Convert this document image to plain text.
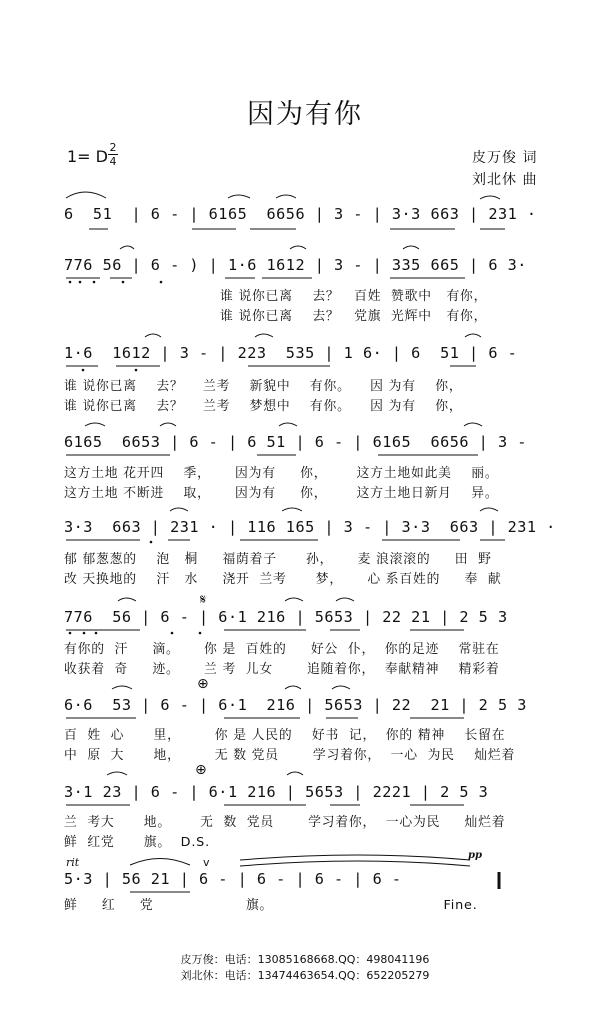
因为有你
1= D 2
4	皮万俊 词
刘北休 曲
6  51  | 6 - | 6165  6656 | 3 - | 3·3 663 | 231 ·
776 56 | 6 - ) | 1·6 1612 | 3 - | 335 665 | 6 3·
谁 说你已离    去？   百姓  赞歌中   有你，
谁 说你已离    去？   党旗  光辉中   有你，
1·6  1612 | 3 - | 223  535 | 1 6· | 6  51 | 6 -
谁 说你已离    去？    兰考    新貌中    有你。    因 为有    你，
谁 说你已离    去？    兰考    梦想中    有你。    因 为有    你，
6165  6653 | 6 - | 6 51 | 6 - | 6165  6656 | 3 -
这方土地 花开四    季，     因为有     你，      这方土地如此美    丽。
这方土地 不断进    取，     因为有     你，      这方土地日新月    异。
3·3  663 | 231 · | 116 165 | 3 - | 3·3  663 | 231 ·
郁 郁葱葱的    泡   桐     福荫着子      孙，     麦 浪滚滚的     田  野
改 天换地的    汗   水     浇开  兰考      梦，     心 系百姓的     奉  献
776  56 | 6 - | 6·1 216 | 5653 | 22 21 | 2 5 3
有你的  汗     滴。     你 是  百姓的     好公  仆，  你的足迹    常驻在
收获着  奇     迹。     兰 考  儿女       追随着你，  奉献精神    精彩着
6·6  53 | 6 - | 6·1  216 | 5653 | 22  21 | 2 5 3
百  姓  心      里，       你 是 人民的    好书  记，  你的 精神    长留在
中  原  大      地，       无 数 党员       学习着你，  一心  为民    灿烂着
3·1 23 | 6 - | 6·1 216 | 5653 | 2221 | 2 5 3
兰  考大      地。      无  数  党员       学习着你，  一心为民     灿烂着
鲜  红党      旗。  D.S.
rit
pp
5·3 | 56 21 | 6 - | 6 - | 6 - | 6 -
鲜     红     党                   旗。                                   Fine.
𝄋
⊕
⊕
v
皮万俊：电话：13085168668.QQ：498041196
刘北休：电话：13474463654.QQ：652205279
